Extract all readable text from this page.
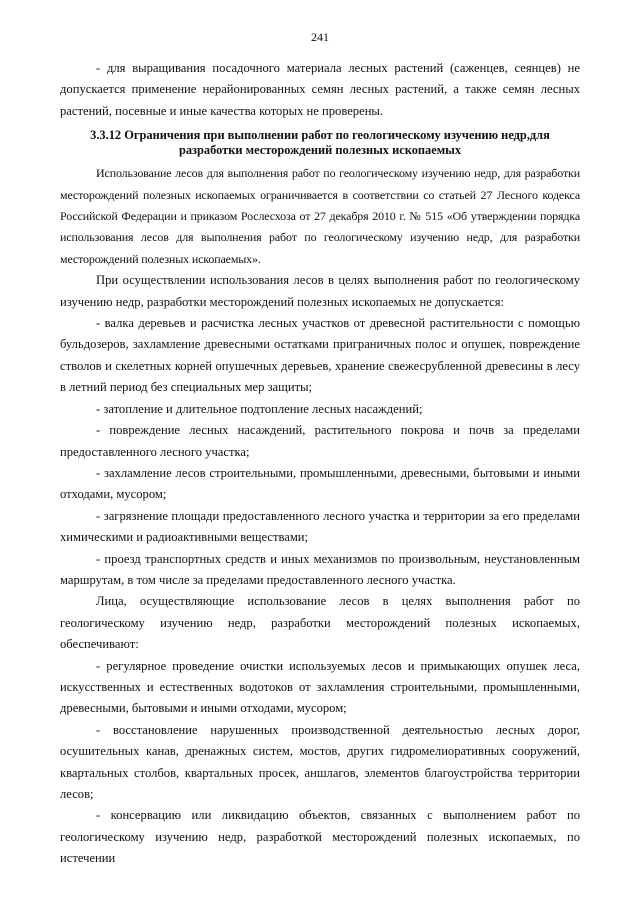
241

- для выращивания посадочного материала лесных растений (саженцев, сеянцев) не допускается применение нерайонированных семян лесных растений, а также семян лесных растений, посевные и иные качества которых не проверены.

3.3.12 Ограничения при выполнении работ по геологическому изучению недр,для
разработки месторождений полезных ископаемых

Использование лесов для выполнения работ по геологическому изучению недр, для разработки месторождений полезных ископаемых ограничивается в соответствии со статьей 27 Лесного кодекса Российской Федерации и приказом Рослесхоза от 27 декабря 2010 г. № 515 «Об утверждении порядка использования лесов для выполнения работ по геологическому изучению недр, для разработки месторождений полезных ископаемых».

При осуществлении использования лесов в целях выполнения работ по геологическому изучению недр, разработки месторождений полезных ископаемых не допускается:

- валка деревьев и расчистка лесных участков от древесной растительности с помощью бульдозеров, захламление древесными остатками приграничных полос и опушек, повреждение стволов и скелетных корней опушечных деревьев, хранение свежесрубленной древесины в лесу в летний период без специальных мер защиты;

- затопление и длительное подтопление лесных насаждений;

- повреждение лесных насаждений, растительного покрова и почв за пределами предоставленного лесного участка;

- захламление лесов строительными, промышленными, древесными, бытовыми и иными отходами, мусором;

- загрязнение площади предоставленного лесного участка и территории за его пределами химическими и радиоактивными веществами;

- проезд транспортных средств и иных механизмов по произвольным, неустановленным маршрутам, в том числе за пределами предоставленного лесного участка.

Лица, осуществляющие использование лесов в целях выполнения работ по геологическому изучению недр, разработки месторождений полезных ископаемых, обеспечивают:

- регулярное проведение очистки используемых лесов и примыкающих опушек леса, искусственных и естественных водотоков от захламления строительными, промышленными, древесными, бытовыми и иными отходами, мусором;

- восстановление нарушенных производственной деятельностью лесных дорог, осушительных канав, дренажных систем, мостов, других гидромелиоративных сооружений, квартальных столбов, квартальных просек, аншлагов, элементов благоустройства территории лесов;

- консервацию или ликвидацию объектов, связанных с выполнением работ по геологическому изучению недр, разработкой месторождений полезных ископаемых, по истечении
